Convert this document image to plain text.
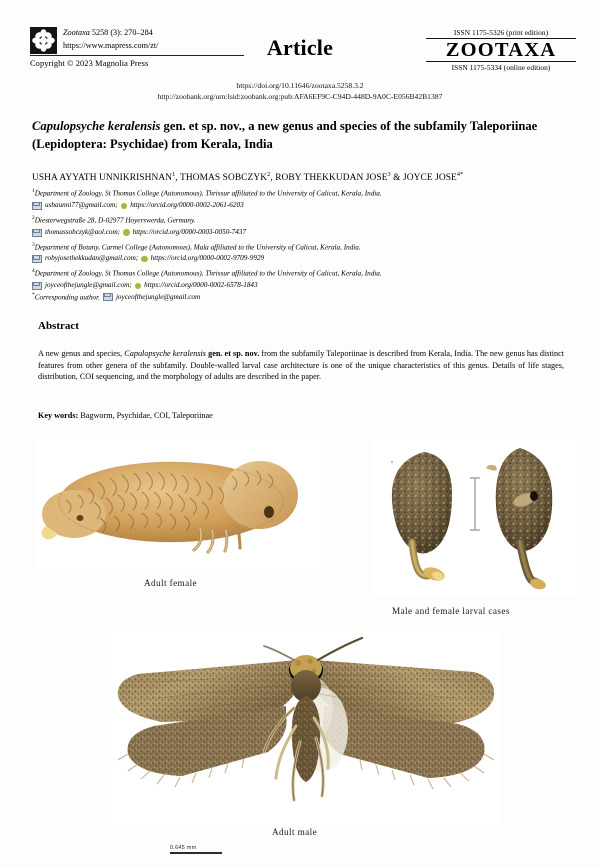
Zootaxa 5258 (3): 270–284
https://www.mapress.com/zt/
Copyright © 2023 Magnolia Press
Article
ISSN 1175-5326 (print edition)
ZOOTAXA
ISSN 1175-5334 (online edition)
https://doi.org/10.11646/zootaxa.5258.3.2
http://zoobank.org/urn:lsid:zoobank.org:pub:AFA6EF9C-C94D-448D-9A0C-E056B42B1387
Capulopsyche keralensis gen. et sp. nov., a new genus and species of the subfamily Taleporiinae (Lepidoptera: Psychidae) from Kerala, India
USHA AYYATH UNNIKRISHNAN$^1$, THOMAS SOBCZYK$^2$, ROBY THEKKUDAN JOSE$^3$ & JOYCE $JOSE^{4*}$
$^1$Department of Zoology, St Thomas College (Autonomous), Thrissur affiliated to the University of Calicut, Kerala, India.
ushaunni77@gmail.com; https://orcid.org/0000-0002-2061-6203
$^2$Diesterwegstraße 28, D-02977 Hoyerswerda, Germany.
thomassobczyk@aol.com; https://orcid.org/0000-0003-0050-7437
$^3$Department of Botany, Carmel College (Autonomous), Mala affiliated to the University of Calicut, Kerala, India.
robyjosethekkudan@gmail.com; https://orcid.org/0000-0002-9709-9929
$^4$Department of Zoology, St Thomas College (Autonomous), Thrissur affiliated to the University of Calicut, Kerala, India.
joyceofthejungle@gmail.com; https://orcid.org/0000-0002-6578-1843
*Corresponding author. joyceofthejungle@gmail.com
Abstract
A new genus and species, Capulopsyche keralensis gen. et sp. nov. from the subfamily Taleporiinae is described from Kerala, India. The new genus has distinct features from other genera of the subfamily. Double-walled larval case architecture is one of the unique characteristics of this genus. Details of life stages, distribution, COI sequencing, and the morphology of adults are described in the paper.
Key words: Bagworm, Psychidae, COI, Taleporiinae
Adult female
Male and female larval cases
Adult male
0.645 mm
